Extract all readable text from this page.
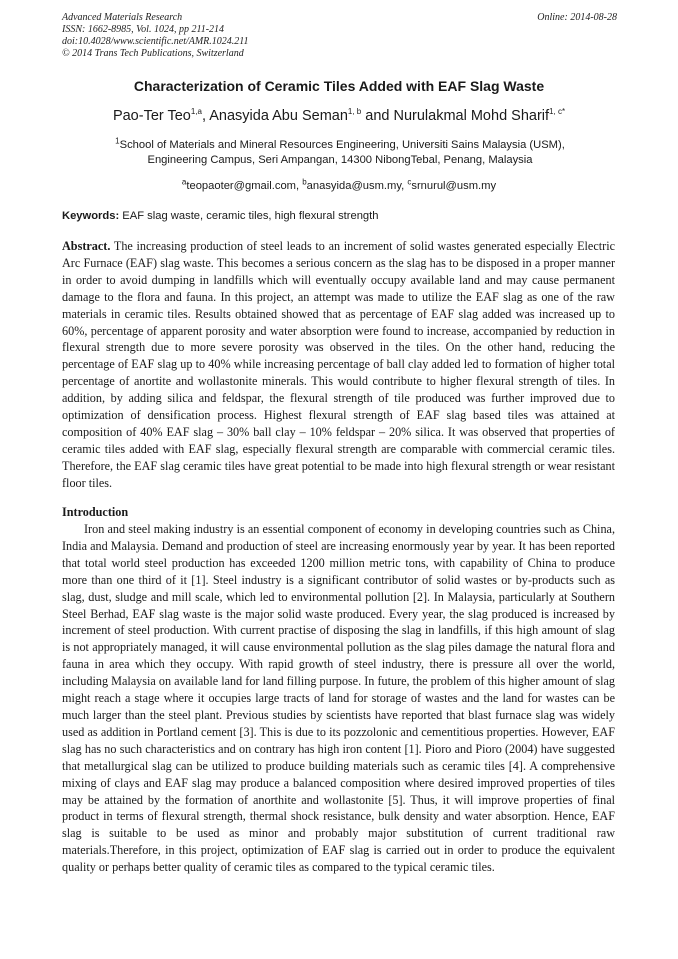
Advanced Materials Research
ISSN: 1662-8985, Vol. 1024, pp 211-214
doi:10.4028/www.scientific.net/AMR.1024.211
© 2014 Trans Tech Publications, Switzerland
Online: 2014-08-28
Characterization of Ceramic Tiles Added with EAF Slag Waste
Pao-Ter Teo$^{1,a}$, Anasyida Abu Seman$^{1, b}$ and Nurulakmal Mohd Sharif$^{1, c*}$
$^1$School of Materials and Mineral Resources Engineering, Universiti Sains Malaysia (USM),
Engineering Campus, Seri Ampangan, 14300 NibongTebal, Penang, Malaysia
$^a$teopaoter@gmail.com, $^b$anasyida@usm.my, $^c$srnurul@usm.my
Keywords: EAF slag waste, ceramic tiles, high flexural strength

Abstract. The increasing production of steel leads to an increment of solid wastes generated especially Electric Arc Furnace (EAF) slag waste. This becomes a serious concern as the slag has to be disposed in a proper manner in order to avoid dumping in landfills which will eventually occupy available land and may cause permanent damage to the flora and fauna. In this project, an attempt was made to utilize the EAF slag as one of the raw materials in ceramic tiles. Results obtained showed that as percentage of EAF slag added was increased up to 60%, percentage of apparent porosity and water absorption were found to increase, accompanied by reduction in flexural strength due to more severe porosity was observed in the tiles. On the other hand, reducing the percentage of EAF slag up to 40% while increasing percentage of ball clay added led to formation of higher total percentage of anortite and wollastonite minerals. This would contribute to higher flexural strength of tiles. In addition, by adding silica and feldspar, the flexural strength of tile produced was further improved due to optimization of densification process. Highest flexural strength of EAF slag based tiles was attained at composition of 40% EAF slag – 30% ball clay – 10% feldspar – 20% silica. It was observed that properties of ceramic tiles added with EAF slag, especially flexural strength are comparable with commercial ceramic tiles. Therefore, the EAF slag ceramic tiles have great potential to be made into high flexural strength or wear resistant floor tiles.

Introduction

Iron and steel making industry is an essential component of economy in developing countries such as China, India and Malaysia. Demand and production of steel are increasing enormously year by year. It has been reported that total world steel production has exceeded 1200 million metric tons, with capability of China to produce more than one third of it [1]. Steel industry is a significant contributor of solid wastes or by-products such as slag, dust, sludge and mill scale, which led to environmental pollution [2]. In Malaysia, particularly at Southern Steel Berhad, EAF slag waste is the major solid waste produced. Every year, the slag produced is increased by increment of steel production. With current practise of disposing the slag in landfills, if this high amount of slag is not appropriately managed, it will cause environmental pollution as the slag piles damage the natural flora and fauna in area which they occupy. With rapid growth of steel industry, there is pressure all over the world, including Malaysia on available land for land filling purpose. In future, the problem of this higher amount of slag might reach a stage where it occupies large tracts of land for storage of wastes and the land for wastes can be much larger than the steel plant. Previous studies by scientists have reported that blast furnace slag was widely used as addition in Portland cement [3]. This is due to its pozzolonic and cementitious properties. However, EAF slag has no such characteristics and on contrary has high iron content [1]. Pioro and Pioro (2004) have suggested that metallurgical slag can be utilized to produce building materials such as ceramic tiles [4]. A comprehensive mixing of clays and EAF slag may produce a balanced composition where desired improved properties of tiles may be attained by the formation of anorthite and wollastonite [5]. Thus, it will improve properties of final product in terms of flexural strength, thermal shock resistance, bulk density and water absorption. Hence, EAF slag is suitable to be used as minor and probably major substitution of current traditional raw materials.Therefore, in this project, optimization of EAF slag is carried out in order to produce the equivalent quality or perhaps better quality of ceramic tiles as compared to the typical ceramic tiles.
